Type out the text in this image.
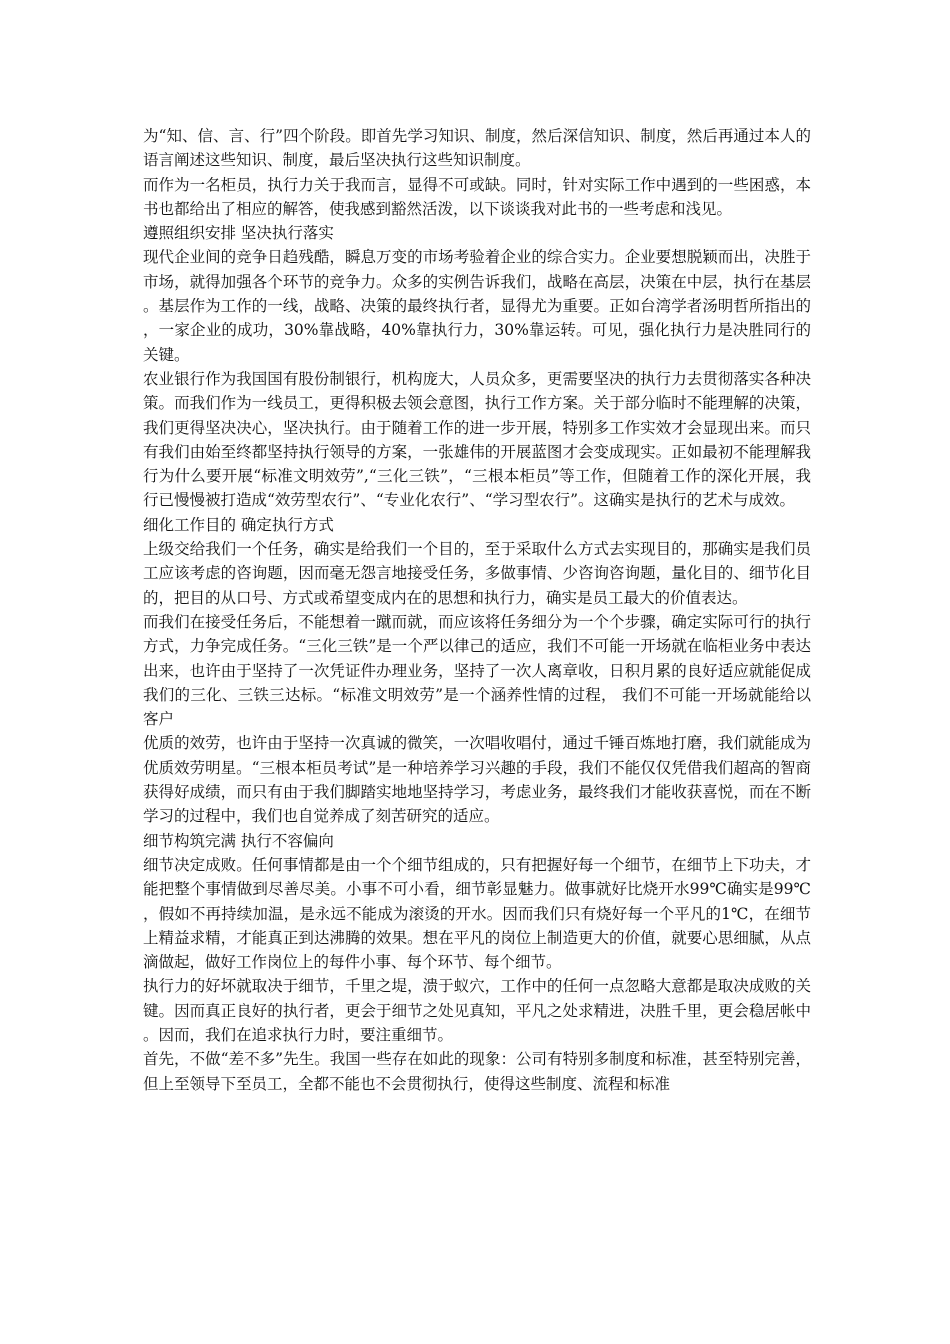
为“知、信、言、行”四个阶段。即首先学习知识、制度，然后深信知识、制度，然后再通过本人的语言阐述这些知识、制度，最后坚决执行这些知识制度。

而作为一名柜员，执行力关于我而言，显得不可或缺。同时，针对实际工作中遇到的一些困惑，本书也都给出了相应的解答，使我感到豁然活泼，以下谈谈我对此书的一些考虑和浅见。

遵照组织安排 坚决执行落实

现代企业间的竞争日趋残酷，瞬息万变的市场考验着企业的综合实力。企业要想脱颖而出，决胜于市场，就得加强各个环节的竞争力。众多的实例告诉我们，战略在高层，决策在中层，执行在基层。基层作为工作的一线，战略、决策的最终执行者，显得尤为重要。正如台湾学者汤明哲所指出的，一家企业的成功，30%靠战略，40%靠执行力，30%靠运转。可见，强化执行力是决胜同行的关键。

农业银行作为我国国有股份制银行，机构庞大，人员众多，更需要坚决的执行力去贯彻落实各种决策。而我们作为一线员工，更得积极去领会意图，执行工作方案。关于部分临时不能理解的决策，我们更得坚决决心，坚决执行。由于随着工作的进一步开展，特别多工作实效才会显现出来。而只有我们由始至终都坚持执行领导的方案，一张雄伟的开展蓝图才会变成现实。正如最初不能理解我行为什么要开展“标准文明效劳”,“三化三铁”，“三根本柜员”等工作，但随着工作的深化开展，我行已慢慢被打造成“效劳型农行”、“专业化农行”、“学习型农行”。这确实是执行的艺术与成效。

细化工作目的 确定执行方式

上级交给我们一个任务，确实是给我们一个目的，至于采取什么方式去实现目的，那确实是我们员工应该考虑的咨询题，因而毫无怨言地接受任务，多做事情、少咨询咨询题，量化目的、细节化目的，把目的从口号、方式或希望变成内在的思想和执行力，确实是员工最大的价值表达。

而我们在接受任务后，不能想着一蹴而就，而应该将任务细分为一个个步骤，确定实际可行的执行方式，力争完成任务。“三化三铁”是一个严以律己的适应，我们不可能一开场就在临柜业务中表达出来，也许由于坚持了一次凭证件办理业务，坚持了一次人离章收，日积月累的良好适应就能促成我们的三化、三铁三达标。“标准文明效劳”是一个涵养性情的过程， 我们不可能一开场就能给以客户

优质的效劳，也许由于坚持一次真诚的微笑，一次唱收唱付，通过千锤百炼地打磨，我们就能成为优质效劳明星。“三根本柜员考试”是一种培养学习兴趣的手段，我们不能仅仅凭借我们超高的智商获得好成绩，而只有由于我们脚踏实地地坚持学习，考虑业务，最终我们才能收获喜悦，而在不断学习的过程中，我们也自觉养成了刻苦研究的适应。

细节构筑完满 执行不容偏向

细节决定成败。任何事情都是由一个个细节组成的，只有把握好每一个细节，在细节上下功夫，才能把整个事情做到尽善尽美。小事不可小看，细节彰显魅力。做事就好比烧开水99℃确实是99℃，假如不再持续加温，是永远不能成为滚烫的开水。因而我们只有烧好每一个平凡的1℃，在细节上精益求精，才能真正到达沸腾的效果。想在平凡的岗位上制造更大的价值，就要心思细腻，从点滴做起，做好工作岗位上的每件小事、每个环节、每个细节。

执行力的好坏就取决于细节，千里之堤，溃于蚁穴，工作中的任何一点忽略大意都是取决成败的关键。因而真正良好的执行者，更会于细节之处见真知，平凡之处求精进，决胜千里，更会稳居帐中。因而，我们在追求执行力时，要注重细节。

首先，不做“差不多”先生。我国一些存在如此的现象：公司有特别多制度和标准，甚至特别完善，但上至领导下至员工，全都不能也不会贯彻执行，使得这些制度、流程和标准
